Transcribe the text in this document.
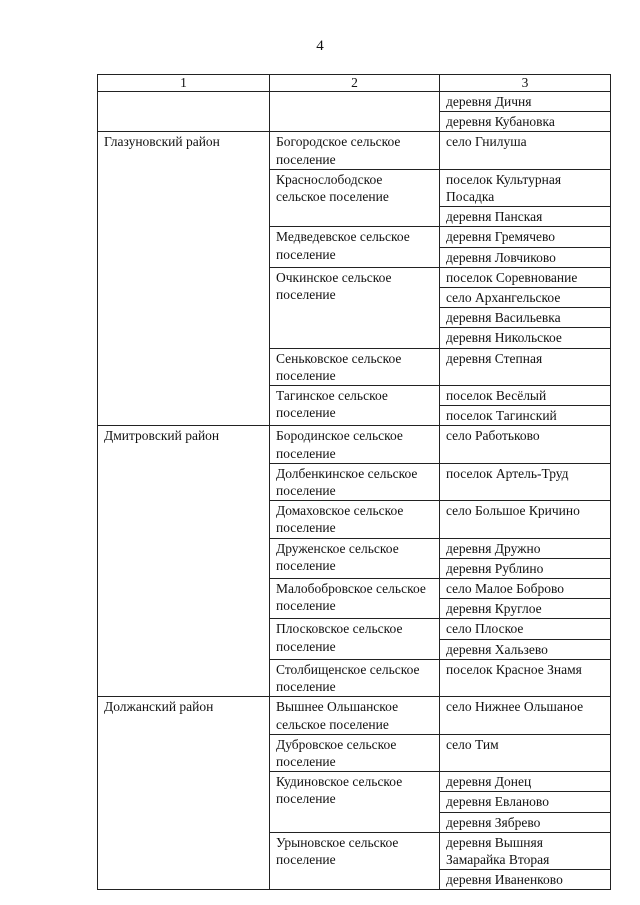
4
1	2	3
		деревня Дичня
		деревня Кубановка
Глазуновский район	Богородское сельское поселение	село Гнилуша
	Краснослободское сельское поселение	поселок Культурная Посадка
		деревня Панская
	Медведевское сельское поселение	деревня Гремячево
		деревня Ловчиково
	Очкинское сельское поселение	поселок Соревнование
		село Архангельское
		деревня Васильевка
		деревня Никольское
	Сеньковское сельское поселение	деревня Степная
	Тагинское сельское поселение	поселок Весёлый
		поселок Тагинский
Дмитровский район	Бородинское сельское поселение	село Работьково
	Долбенкинское сельское поселение	поселок Артель-Труд
	Домаховское сельское поселение	село Большое Кричино
	Друженское сельское поселение	деревня Дружно
		деревня Рублино
	Малобобровское сельское поселение	село Малое Боброво
		деревня Круглое
	Плосковское сельское поселение	село Плоское
		деревня Хальзево
	Столбищенское сельское поселение	поселок Красное Знамя
Должанский район	Вышнее Ольшанское сельское поселение	село Нижнее Ольшаное
	Дубровское сельское поселение	село Тим
	Кудиновское сельское поселение	деревня Донец
		деревня Евланово
		деревня Зябрево
	Урыновское сельское поселение	деревня Вышняя Замарайка Вторая
		деревня Иваненково
